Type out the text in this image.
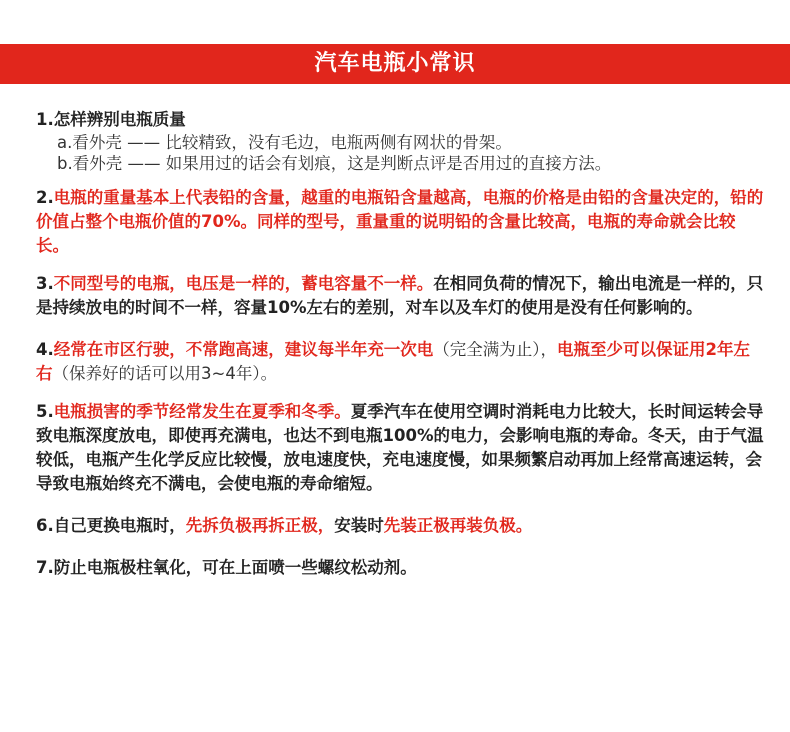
汽车电瓶小常识
1.怎样辨别电瓶质量
a.看外壳 —— 比较精致，没有毛边，电瓶两侧有网状的骨架。
b.看外壳 —— 如果用过的话会有划痕，这是判断点评是否用过的直接方法。
2.电瓶的重量基本上代表铅的含量，越重的电瓶铅含量越高，电瓶的价格是由铅的含量决定的，铅的价值占整个电瓶价值的70%。同样的型号，重量重的说明铅的含量比较高，电瓶的寿命就会比较长。
3.不同型号的电瓶，电压是一样的，蓄电容量不一样。在相同负荷的情况下，输出电流是一样的，只是持续放电的时间不一样，容量10%左右的差别，对车以及车灯的使用是没有任何影响的。
4.经常在市区行驶，不常跑高速，建议每半年充一次电（完全满为止），电瓶至少可以保证用2年左右（保养好的话可以用3~4年）。
5.电瓶损害的季节经常发生在夏季和冬季。夏季汽车在使用空调时消耗电力比较大，长时间运转会导致电瓶深度放电，即使再充满电，也达不到电瓶100%的电力，会影响电瓶的寿命。冬天，由于气温较低，电瓶产生化学反应比较慢，放电速度快，充电速度慢，如果频繁启动再加上经常高速运转，会导致电瓶始终充不满电，会使电瓶的寿命缩短。
6.自己更换电瓶时，先拆负极再拆正极，安装时先装正极再装负极。
7.防止电瓶极柱氧化，可在上面喷一些螺纹松动剂。
